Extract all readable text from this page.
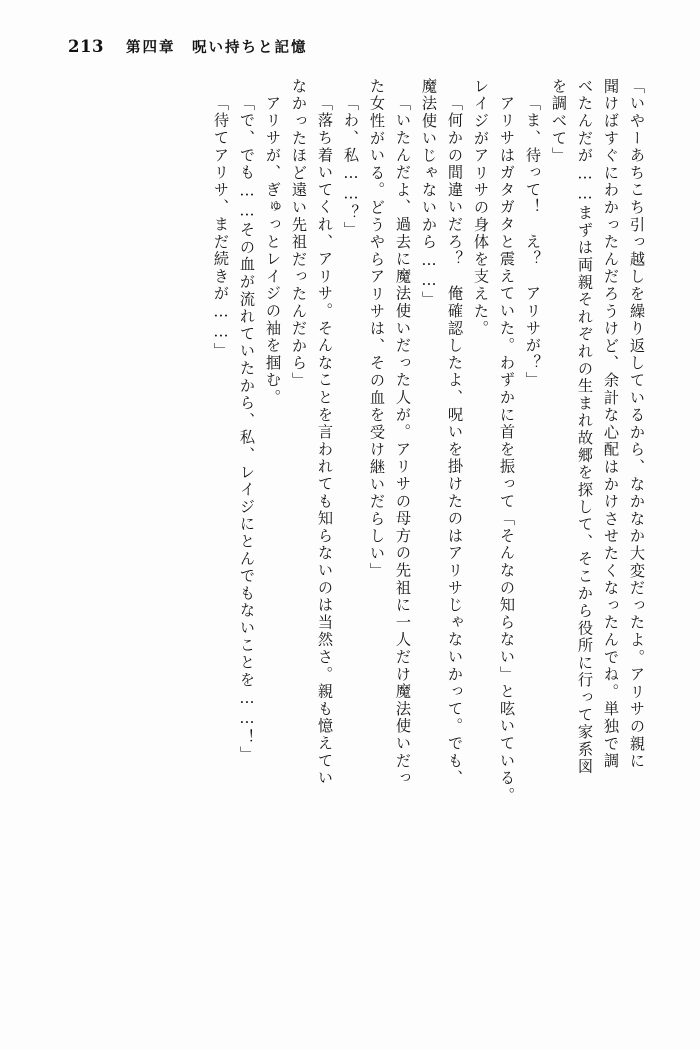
213 第四章　呪い持ちと記憶
「いやーあちこち引っ越しを繰り返しているから、なかなか大変だったよ。アリサの親に
聞けばすぐにわかったんだろうけど、余計な心配はかけさせたくなったんでね。単独で調
べたんだが……まずは両親それぞれの生まれ故郷を探して、そこから役所に行って家系図
を調べて」
「ま、待って！　え？　アリサが？」
アリサはガタガタと震えていた。わずかに首を振って「そんなの知らない」と呟いている。
レイジがアリサの身体を支えた。
「何かの間違いだろ？　俺確認したよ、呪いを掛けたのはアリサじゃないかって。でも、
魔法使いじゃないから……」
「いたんだよ、過去に魔法使いだった人が。アリサの母方の先祖に一人だけ魔法使いだっ
た女性がいる。どうやらアリサは、その血を受け継いだらしい」
「わ、私……？」
「落ち着いてくれ、アリサ。そんなことを言われても知らないのは当然さ。親も憶えてい
なかったほど遠い先祖だったんだから」
アリサが、ぎゅっとレイジの袖を掴む。
「で、でも……その血が流れていたから、私、レイジにとんでもないことを……！」
「待てアリサ、まだ続きが……」
